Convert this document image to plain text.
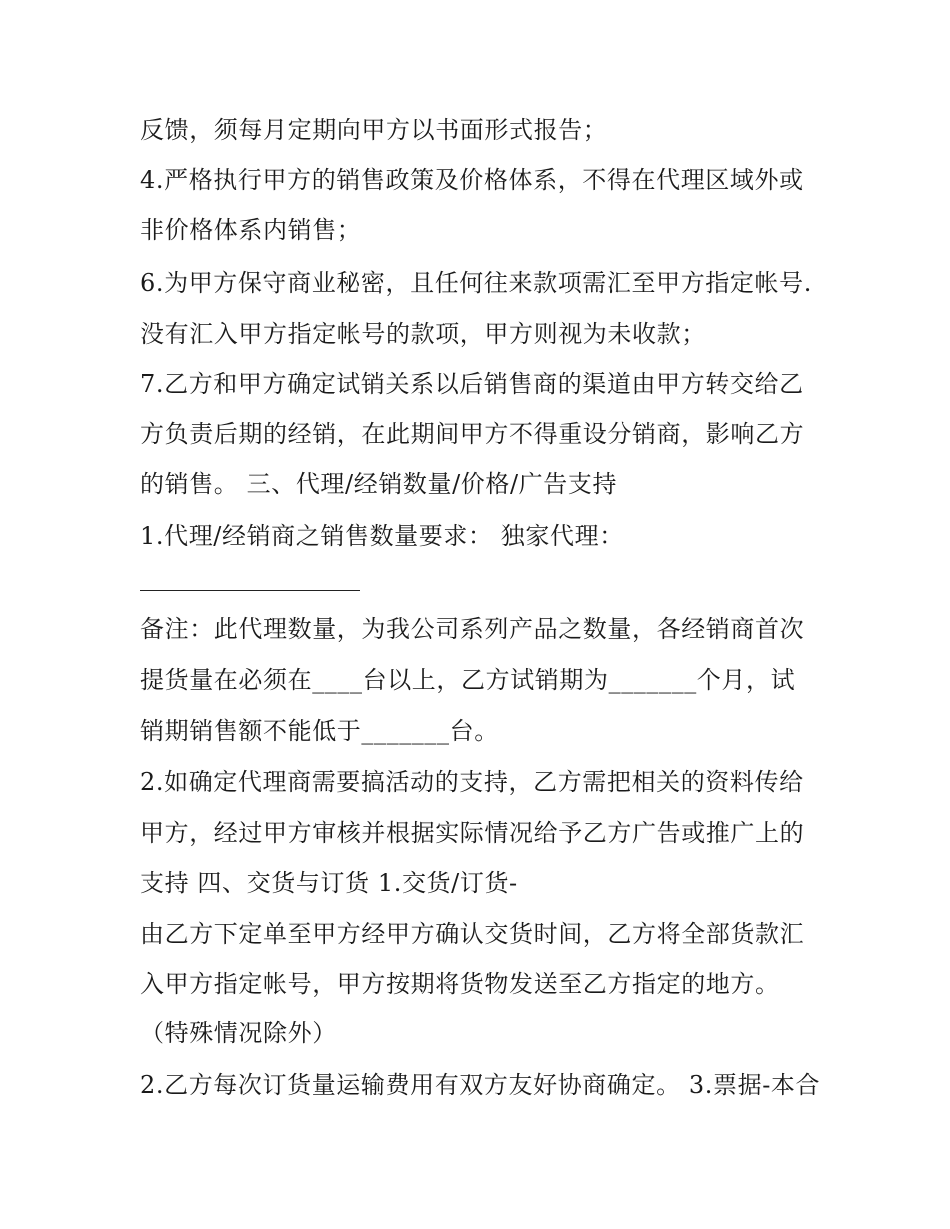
反馈，须每月定期向甲方以书面形式报告；
4.严格执行甲方的销售政策及价格体系，不得在代理区域外或
非价格体系内销售；
6.为甲方保守商业秘密，且任何往来款项需汇至甲方指定帐号.
没有汇入甲方指定帐号的款项，甲方则视为未收款；
7.乙方和甲方确定试销关系以后销售商的渠道由甲方转交给乙
方负责后期的经销，在此期间甲方不得重设分销商，影响乙方
的销售。 三、代理/经销数量/价格/广告支持
1.代理/经销商之销售数量要求： 独家代理：
备注：此代理数量，为我公司系列产品之数量，各经销商首次
提货量在必须在____台以上，乙方试销期为_______个月，试
销期销售额不能低于_______台。
2.如确定代理商需要搞活动的支持，乙方需把相关的资料传给
甲方，经过甲方审核并根据实际情况给予乙方广告或推广上的
支持 四、交货与订货 1.交货/订货-
由乙方下定单至甲方经甲方确认交货时间，乙方将全部货款汇
入甲方指定帐号，甲方按期将货物发送至乙方指定的地方。
（特殊情况除外）
2.乙方每次订货量运输费用有双方友好协商确定。 3.票据-本合
